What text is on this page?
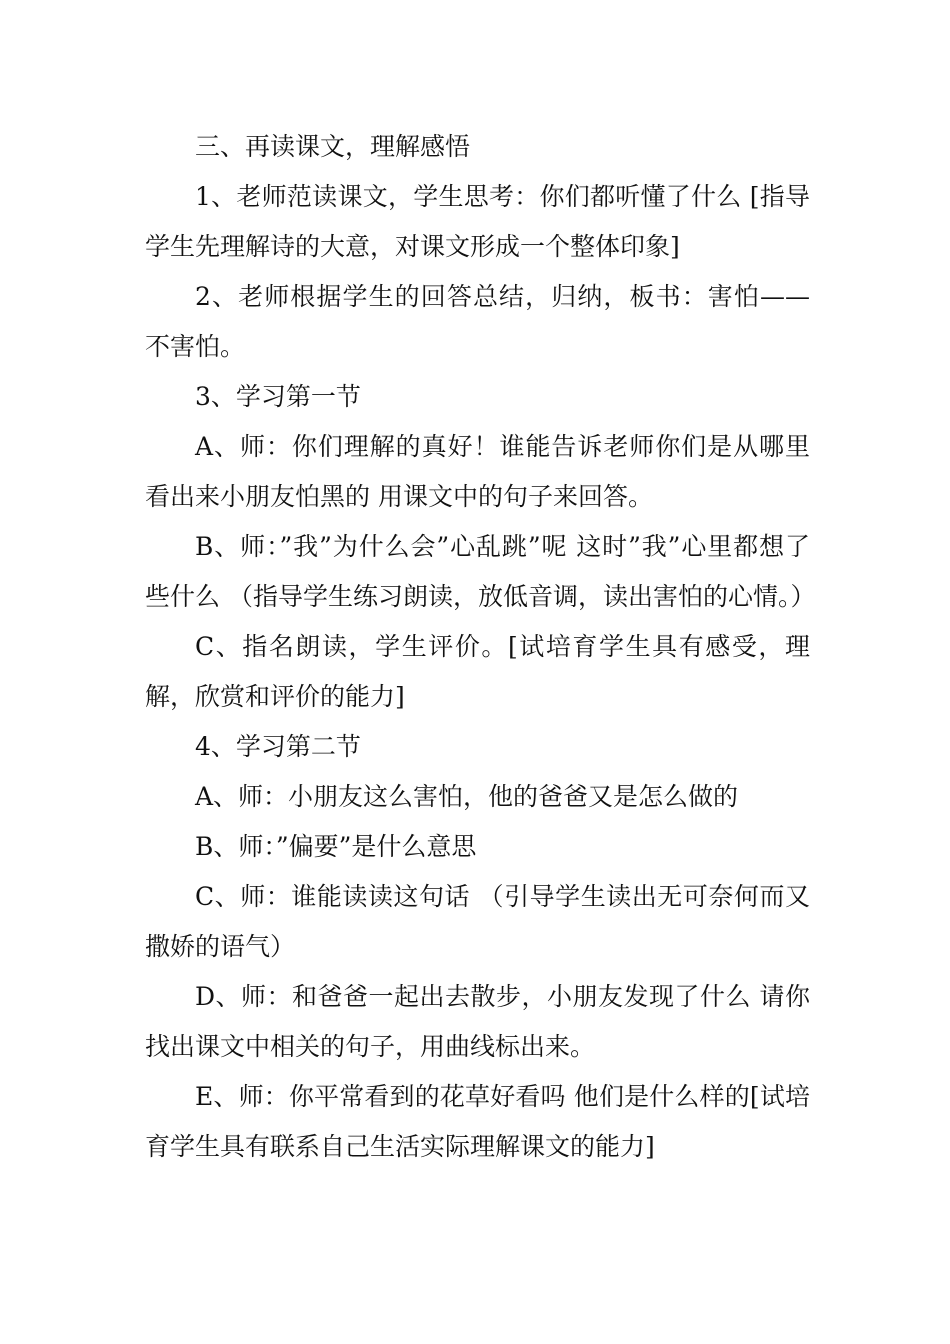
三、再读课文，理解感悟

1、老师范读课文，学生思考：你们都听懂了什么 [指导学生先理解诗的大意，对课文形成一个整体印象]

2、老师根据学生的回答总结，归纳，板书：害怕——不害怕。

3、学习第一节

A、师：你们理解的真好！谁能告诉老师你们是从哪里看出来小朋友怕黑的 用课文中的句子来回答。

B、师：”我”为什么会”心乱跳”呢 这时”我”心里都想了些什么 （指导学生练习朗读，放低音调，读出害怕的心情。）

C、指名朗读，学生评价。[试培育学生具有感受，理解，欣赏和评价的能力]

4、学习第二节

A、师：小朋友这么害怕，他的爸爸又是怎么做的

B、师：”偏要”是什么意思

C、师：谁能读读这句话 （引导学生读出无可奈何而又撒娇的语气）

D、师：和爸爸一起出去散步，小朋友发现了什么 请你找出课文中相关的句子，用曲线标出来。

E、师：你平常看到的花草好看吗 他们是什么样的[试培育学生具有联系自己生活实际理解课文的能力]
